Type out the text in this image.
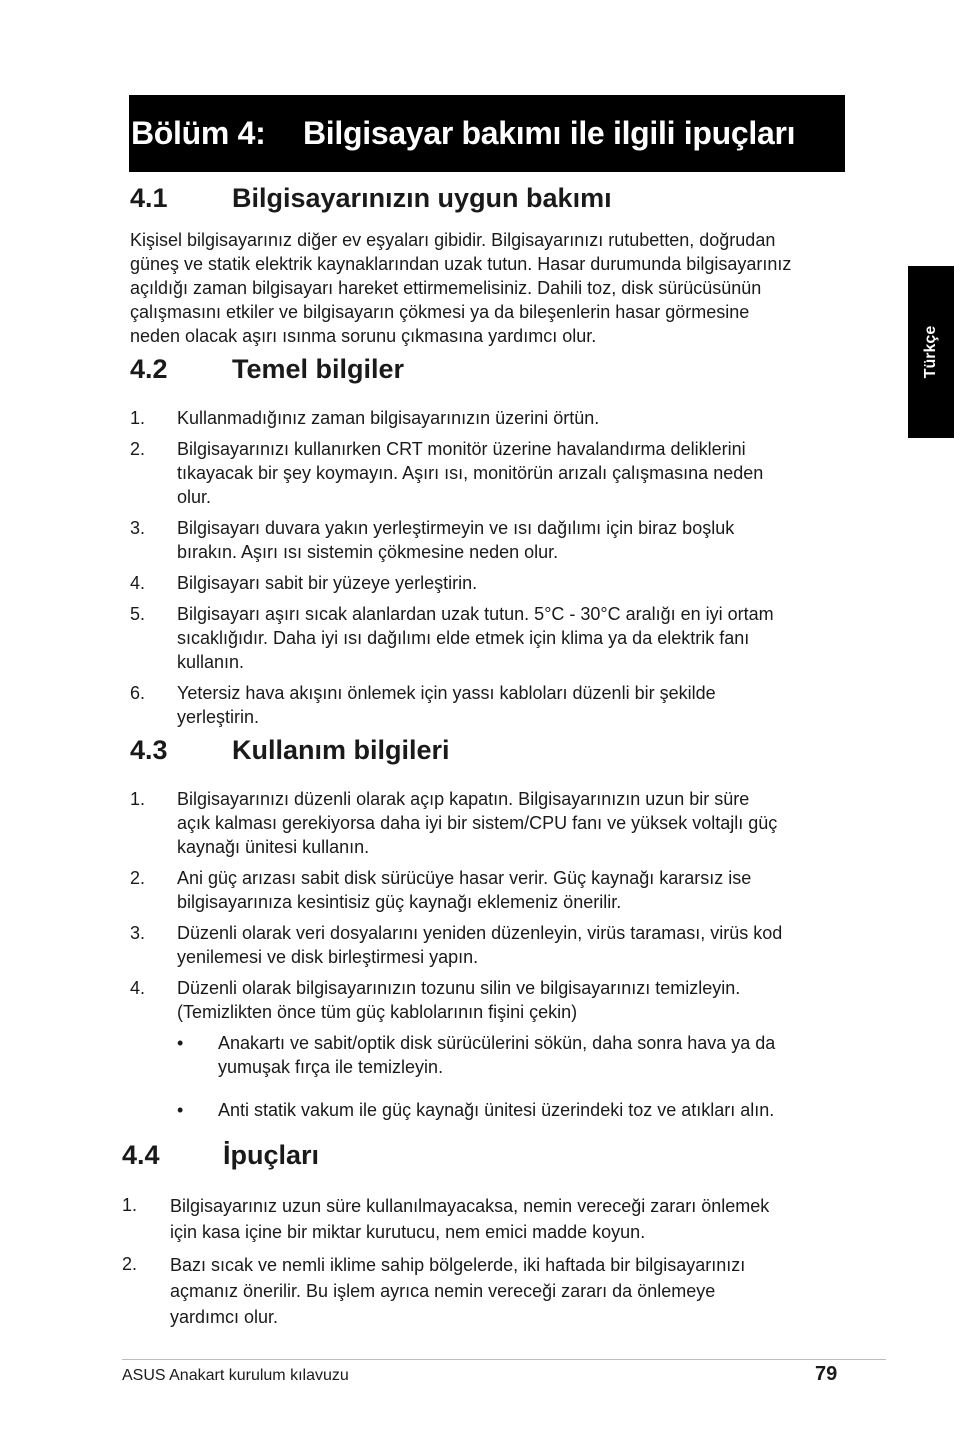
Bölüm 4:	Bilgisayar bakımı ile ilgili ipuçları
Türkçe
4.1 Bilgisayarınızın uygun bakımı
Kişisel bilgisayarınız diğer ev eşyaları gibidir. Bilgisayarınızı rutubetten, doğrudan
güneş ve statik elektrik kaynaklarından uzak tutun. Hasar durumunda bilgisayarınız
açıldığı zaman bilgisayarı hareket ettirmemelisiniz. Dahili toz, disk sürücüsünün
çalışmasını etkiler ve bilgisayarın çökmesi ya da bileşenlerin hasar görmesine
neden olacak aşırı ısınma sorunu çıkmasına yardımcı olur.
4.2 Temel bilgiler
1. Kullanmadığınız zaman bilgisayarınızın üzerini örtün.
2. Bilgisayarınızı kullanırken CRT monitör üzerine havalandırma deliklerini
tıkayacak bir şey koymayın. Aşırı ısı, monitörün arızalı çalışmasına neden
olur.
3. Bilgisayarı duvara yakın yerleştirmeyin ve ısı dağılımı için biraz boşluk
bırakın. Aşırı ısı sistemin çökmesine neden olur.
4. Bilgisayarı sabit bir yüzeye yerleştirin.
5. Bilgisayarı aşırı sıcak alanlardan uzak tutun. 5°C - 30°C aralığı en iyi ortam
sıcaklığıdır. Daha iyi ısı dağılımı elde etmek için klima ya da elektrik fanı
kullanın.
6. Yetersiz hava akışını önlemek için yassı kabloları düzenli bir şekilde
yerleştirin.
4.3 Kullanım bilgileri
1. Bilgisayarınızı düzenli olarak açıp kapatın. Bilgisayarınızın uzun bir süre
açık kalması gerekiyorsa daha iyi bir sistem/CPU fanı ve yüksek voltajlı güç
kaynağı ünitesi kullanın.
2. Ani güç arızası sabit disk sürücüye hasar verir. Güç kaynağı kararsız ise
bilgisayarınıza kesintisiz güç kaynağı eklemeniz önerilir.
3. Düzenli olarak veri dosyalarını yeniden düzenleyin, virüs taraması, virüs kod
yenilemesi ve disk birleştirmesi yapın.
4. Düzenli olarak bilgisayarınızın tozunu silin ve bilgisayarınızı temizleyin.
(Temizlikten önce tüm güç kablolarının fişini çekin)
• Anakartı ve sabit/optik disk sürücülerini sökün, daha sonra hava ya da
yumuşak fırça ile temizleyin.
• Anti statik vakum ile güç kaynağı ünitesi üzerindeki toz ve atıkları alın.
4.4 İpuçları
1. Bilgisayarınız uzun süre kullanılmayacaksa, nemin vereceği zararı önlemek
için kasa içine bir miktar kurutucu, nem emici madde koyun.
2. Bazı sıcak ve nemli iklime sahip bölgelerde, iki haftada bir bilgisayarınızı
açmanız önerilir. Bu işlem ayrıca nemin vereceği zararı da önlemeye
yardımcı olur.
ASUS Anakart kurulum kılavuzu	79
